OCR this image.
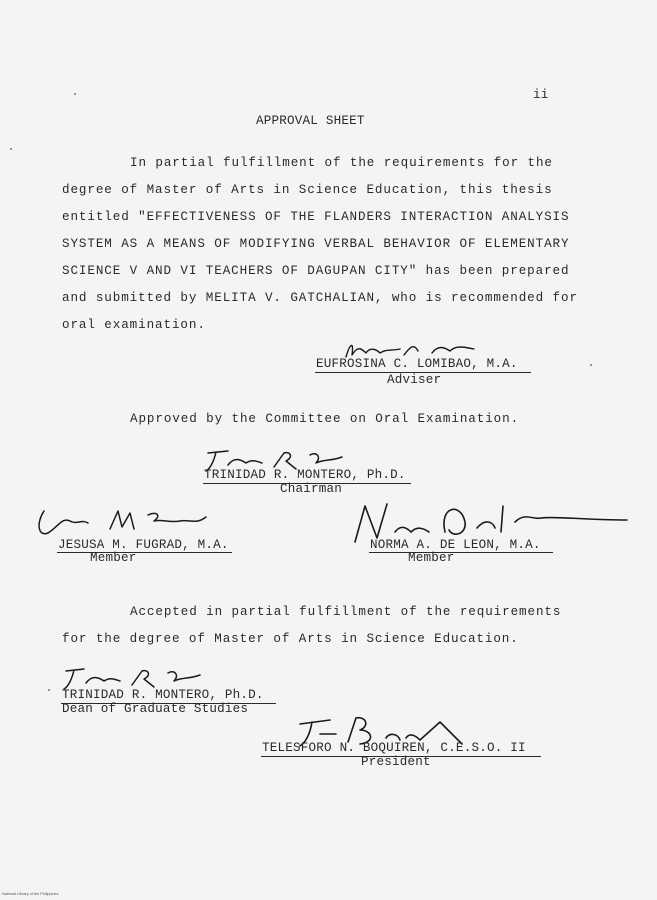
ii
APPROVAL SHEET
In partial fulfillment of the requirements for the
degree of Master of Arts in Science Education, this thesis
entitled "EFFECTIVENESS OF THE FLANDERS INTERACTION ANALYSIS
SYSTEM AS A MEANS OF MODIFYING VERBAL BEHAVIOR OF ELEMENTARY
SCIENCE V AND VI TEACHERS OF DAGUPAN CITY" has been prepared
and submitted by MELITA V. GATCHALIAN, who is recommended for
oral examination.
EUFROSINA C. LOMIBAO, M.A.
Adviser
Approved by the Committee on Oral Examination.
TRINIDAD R. MONTERO, Ph.D.
Chairman
JESUSA M. FUGRAD, M.A.
Member
NORMA A. DE LEON, M.A.
Member
Accepted in partial fulfillment of the requirements
for the degree of Master of Arts in Science Education.
TRINIDAD R. MONTERO, Ph.D.
Dean of Graduate Studies
TELESFORO N. BOQUIREN, C.E.S.O. II
President
National Library of the Philippines
